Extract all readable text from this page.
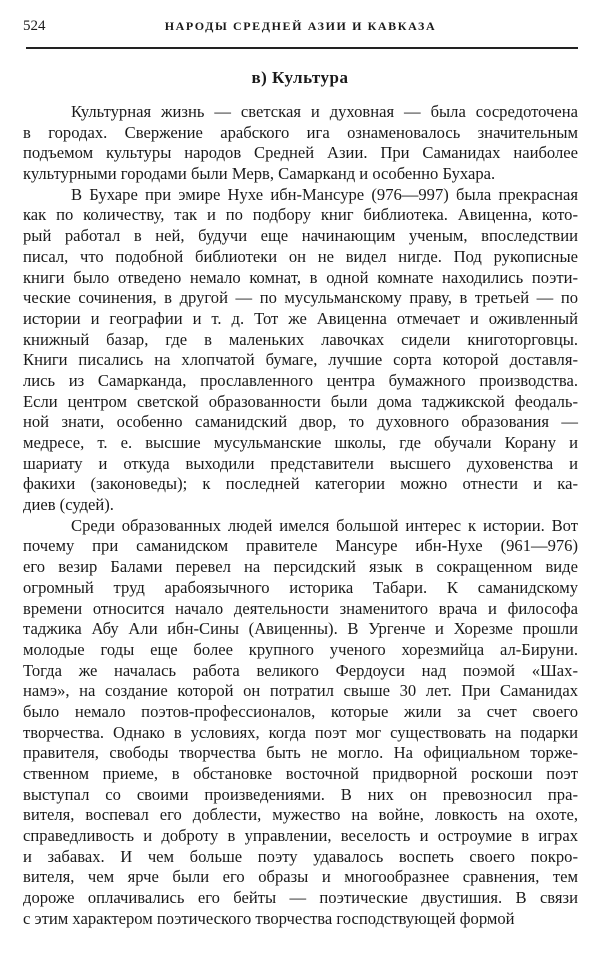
524	НАРОДЫ СРЕДНЕЙ АЗИИ И КАВКАЗА
в) Культура
Культурная жизнь — светская и духовная — была сосредоточена
в городах. Свержение арабского ига ознаменовалось значительным
подъемом культуры народов Средней Азии. При Саманидах наиболее
культурными городами были Мерв, Самарканд и особенно Бухара.
В Бухаре при эмире Нухе ибн-Мансуре (976—997) была прекрасная
как по количеству, так и по подбору книг библиотека. Авиценна, кото-
рый работал в ней, будучи еще начинающим ученым, впоследствии
писал, что подобной библиотеки он не видел нигде. Под рукописные
книги было отведено немало комнат, в одной комнате находились поэти-
ческие сочинения, в другой — по мусульманскому праву, в третьей — по
истории и географии и т. д. Тот же Авиценна отмечает и оживленный
книжный базар, где в маленьких лавочках сидели книготорговцы.
Книги писались на хлопчатой бумаге, лучшие сорта которой доставля-
лись из Самарканда, прославленного центра бумажного производства.
Если центром светской образованности были дома таджикской феодаль-
ной знати, особенно саманидский двор, то духовного образования —
медресе, т. е. высшие мусульманские школы, где обучали Корану и
шариату и откуда выходили представители высшего духовенства и
факихи (законоведы); к последней категории можно отнести и ка-
диев (судей).
Среди образованных людей имелся большой интерес к истории. Вот
почему при саманидском правителе Мансуре ибн-Нухе (961—976)
его везир Балами перевел на персидский язык в сокращенном виде
огромный труд арабоязычного историка Табари. К саманидскому
времени относится начало деятельности знаменитого врача и философа
таджика Абу Али ибн-Сины (Авиценны). В Ургенче и Хорезме прошли
молодые годы еще более крупного ученого хорезмийца ал-Бируни.
Тогда же началась работа великого Фердоуси над поэмой «Шах-
намэ», на создание которой он потратил свыше 30 лет. При Саманидах
было немало поэтов-профессионалов, которые жили за счет своего
творчества. Однако в условиях, когда поэт мог существовать на подарки
правителя, свободы творчества быть не могло. На официальном торже-
ственном приеме, в обстановке восточной придворной роскоши поэт
выступал со своими произведениями. В них он превозносил пра-
вителя, воспевал его доблести, мужество на войне, ловкость на охоте,
справедливость и доброту в управлении, веселость и остроумие в играх
и забавах. И чем больше поэту удавалось воспеть своего покро-
вителя, чем ярче были его образы и многообразнее сравнения, тем
дороже оплачивались его бейты — поэтические двустишия. В связи
с этим характером поэтического творчества господствующей формой
